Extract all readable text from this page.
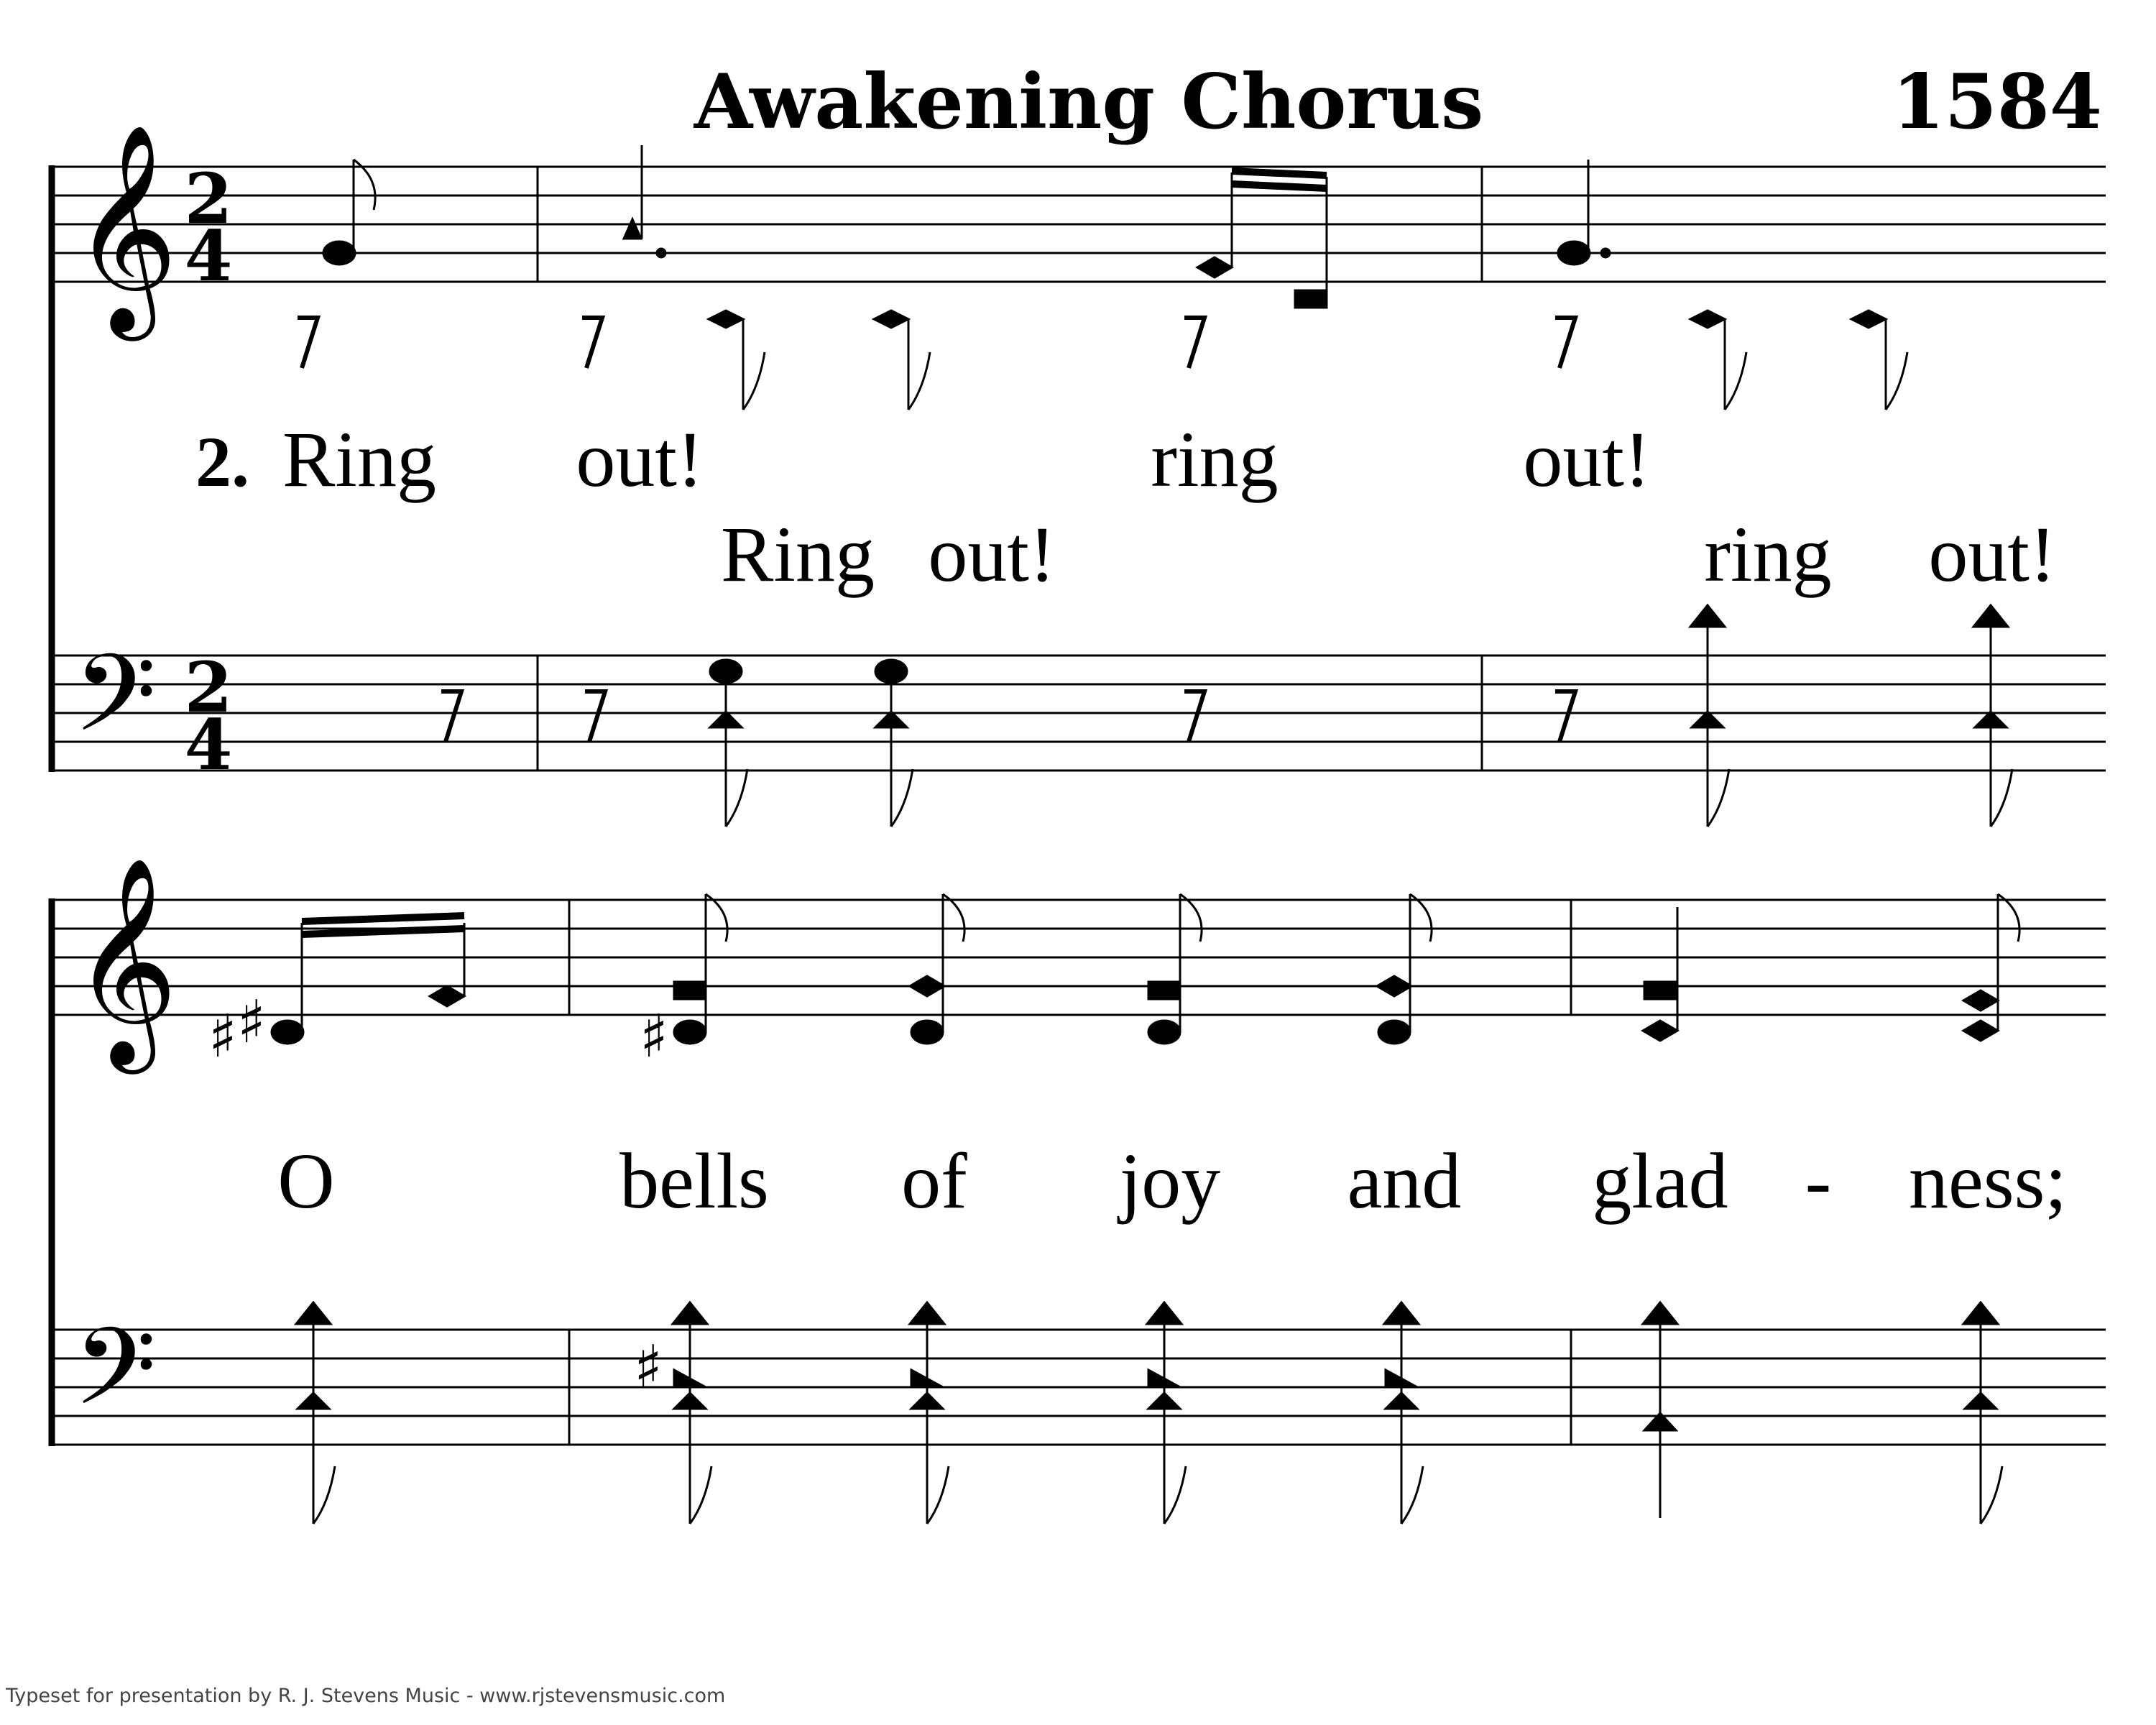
Awakening Chorus	1584
𝄞
𝄢
2
4
2
4
2. Ring out!	ring	out!
Ring out!	ring out!
𝄞
𝄢
♯ ♯	♯
♯
O	bells of joy and glad - ness;
Typeset for presentation by R. J. Stevens Music - www.rjstevensmusic.com
